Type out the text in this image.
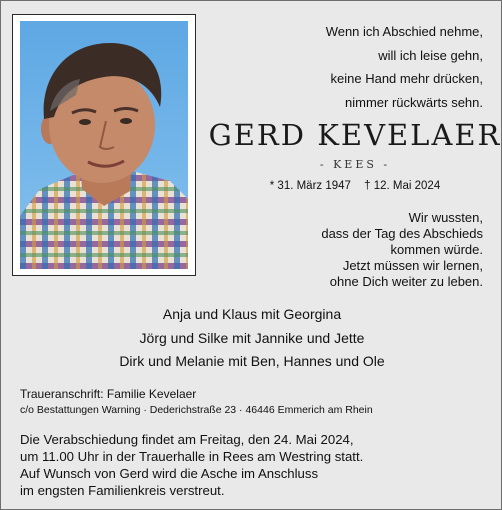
Wenn ich Abschied nehme,
will ich leise gehn,
keine Hand mehr drücken,
nimmer rückwärts sehn.
GERD KEVELAER
- KEES -
* 31. März 1947 † 12. Mai 2024
Wir wussten,
dass der Tag des Abschieds
kommen würde.
Jetzt müssen wir lernen,
ohne Dich weiter zu leben.
Anja und Klaus mit Georgina
Jörg und Silke mit Jannike und Jette
Dirk und Melanie mit Ben, Hannes und Ole
Traueranschrift: Familie Kevelaer
c/o Bestattungen Warning · Dederichstraße 23 · 46446 Emmerich am Rhein
Die Verabschiedung findet am Freitag, den 24. Mai 2024,
um 11.00 Uhr in der Trauerhalle in Rees am Westring statt.
Auf Wunsch von Gerd wird die Asche im Anschluss
im engsten Familienkreis verstreut.
